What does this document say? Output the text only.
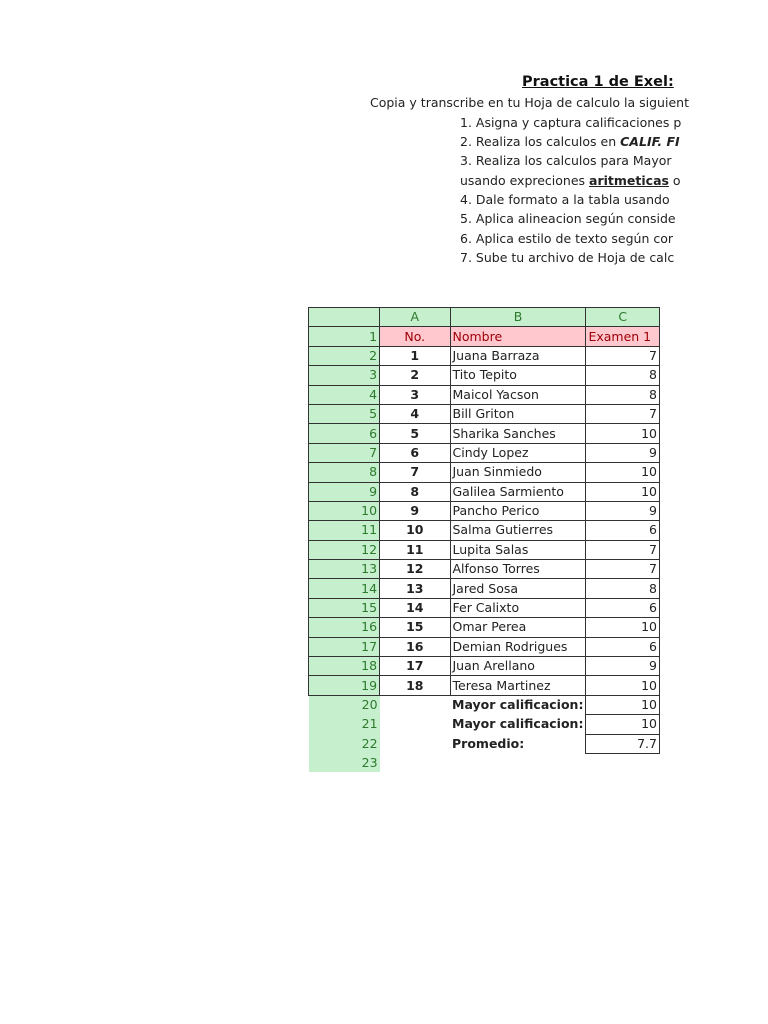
Practica 1 de Exel:
Copia y transcribe en tu Hoja de calculo la siguient
1. Asigna y captura calificaciones p
2. Realiza los calculos en CALIF. FI
3. Realiza los calculos para Mayor
usando expreciones aritmeticas o
4. Dale formato a la tabla usando
5. Aplica alineacion según conside
6. Aplica estilo de texto según cor
7. Sube tu archivo de Hoja de calc
	A	B	C
1	No.	Nombre	Examen 1
2	1	Juana Barraza	7
3	2	Tito Tepito	8
4	3	Maicol Yacson	8
5	4	Bill Griton	7
6	5	Sharika Sanches	10
7	6	Cindy Lopez	9
8	7	Juan Sinmiedo	10
9	8	Galilea Sarmiento	10
10	9	Pancho Perico	9
11	10	Salma Gutierres	6
12	11	Lupita Salas	7
13	12	Alfonso Torres	7
14	13	Jared Sosa	8
15	14	Fer Calixto	6
16	15	Omar Perea	10
17	16	Demian Rodrigues	6
18	17	Juan Arellano	9
19	18	Teresa Martinez	10
20		Mayor calificacion:	10
21		Mayor calificacion:	10
22		Promedio:	7.7
23			
